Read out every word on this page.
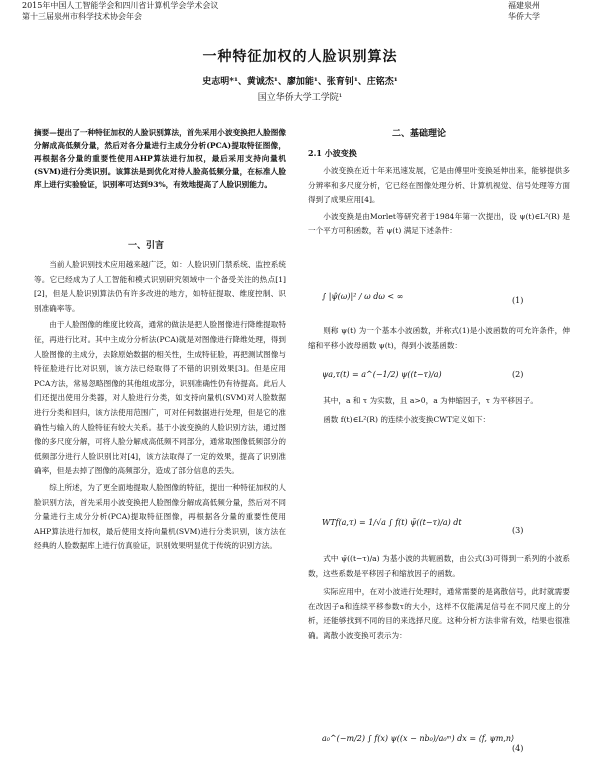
2015年中国人工智能学会和四川省计算机学会学术会议
第十三届泉州市科学技术协会年会
福建泉州
华侨大学
一种特征加权的人脸识别算法
史志明*¹、黄诚杰¹、廖加能¹、张育钊¹、庄铭杰¹
国立华侨大学工学院¹
摘要—提出了一种特征加权的人脸识别算法，首先采用小波变换把人脸图像分解成高低频分量，然后对各分量进行主成分分析(PCA)提取特征图像，再根据各分量的重要性使用AHP算法进行加权，最后采用支持向量机(SVM)进行分类识别。该算法是到优化对待人脸高低频分量，在标准人脸库上进行实验验证，识别率可达到93%，有效地提高了人脸识别能力。
一、引言

当前人脸识别技术应用越来越广泛，如：人脸识别门禁系统、监控系统等。它已经成为了人工智能和模式识别研究领域中一个备受关注的热点[1][2]，但是人脸识别算法仍有许多改进的地方，如特征提取、维度控制、识别准确率等。

由于人脸图像的维度比较高，通常的做法是把人脸图像进行降维提取特征，再进行比对。其中主成分分析法(PCA)就是对图像进行降维处理，得到人脸图像的主成分，去除原始数据的相关性，生成特征脸，再把测试图像与特征脸进行比对识别，该方法已经取得了不错的识别效果[3]。但是应用PCA方法，常易忽略图像的其他组成部分，识别准确性仍有待提高。此后人们还提出使用分类器，对人脸进行分类，如支持向量机(SVM)对人脸数据进行分类和回归，该方法使用范围广，可对任何数据进行处理，但是它的准确性与输入的人脸特征有较大关系。基于小波变换的人脸识别方法，通过图像的多尺度分解，可将人脸分解成高低频不同部分，通常取图像低频部分的低频部分进行人脸识别比对[4]，该方法取得了一定的效果，提高了识别准确率，但是去掉了图像的高频部分，造成了部分信息的丢失。

综上所述，为了更全面地提取人脸图像的特征，提出一种特征加权的人脸识别方法，首先采用小波变换把人脸图像分解成高低频分量，然后对不同分量进行主成分分析(PCA)提取特征图像，再根据各分量的重要性使用AHP算法进行加权，最后使用支持向量机(SVM)进行分类识别，该方法在经典的人脸数据库上进行仿真验证，识别效果明显优于传统的识别方法。

二、基础理论
2.1 小波变换

小波变换在近十年来迅速发展，它是由傅里叶变换延伸出来，能够提供多分辨率和多尺度分析，它已经在图像处理分析、计算机视觉、信号处理等方面得到了成果应用[4]。

小波变换是由Morlet等研究者于1984年第一次提出，设 ψ(t)∈L²(R) 是一个平方可积函数，若 ψ(t) 满足下述条件：

∫ |ψ̂(ω)|² / ω dω < ∞	(1)

则称 ψ(t) 为一个基本小波函数，并称式(1)是小波函数的可允许条件，伸缩和平移小波母函数 ψ(t)，得到小波基函数：

ψa,τ(t) = a^(−1/2) ψ((t−τ)/a)	(2)

其中，a 和 τ 为实数，且 a>0，a 为伸缩因子，τ 为平移因子。

函数 f(t)∈L²(R) 的连续小波变换CWT定义如下：

WTf(a,τ) = 1/√a ∫ f(t) ψ̄((t−τ)/a) dt
(3)

式中 ψ̄((t−τ)/a) 为基小波的共轭函数，由公式(3)可得到一系列的小波系数，这些系数是平移因子和缩放因子的函数。

实际应用中，在对小波进行处理时，通常需要的是离散信号，此时就需要在改因子a和连续平移参数τ的大小，这样不仅能满足信号在不同尺度上的分析，还能够找到不同的目的来选择尺度。这种分析方法非常有效，结果也很准确。离散小波变换可表示为：

a₀^(−m/2) ∫ f(x) ψ((x − nb₀)/a₀ᵐ) dx = ⟨f, ψm,n⟩
(4)
